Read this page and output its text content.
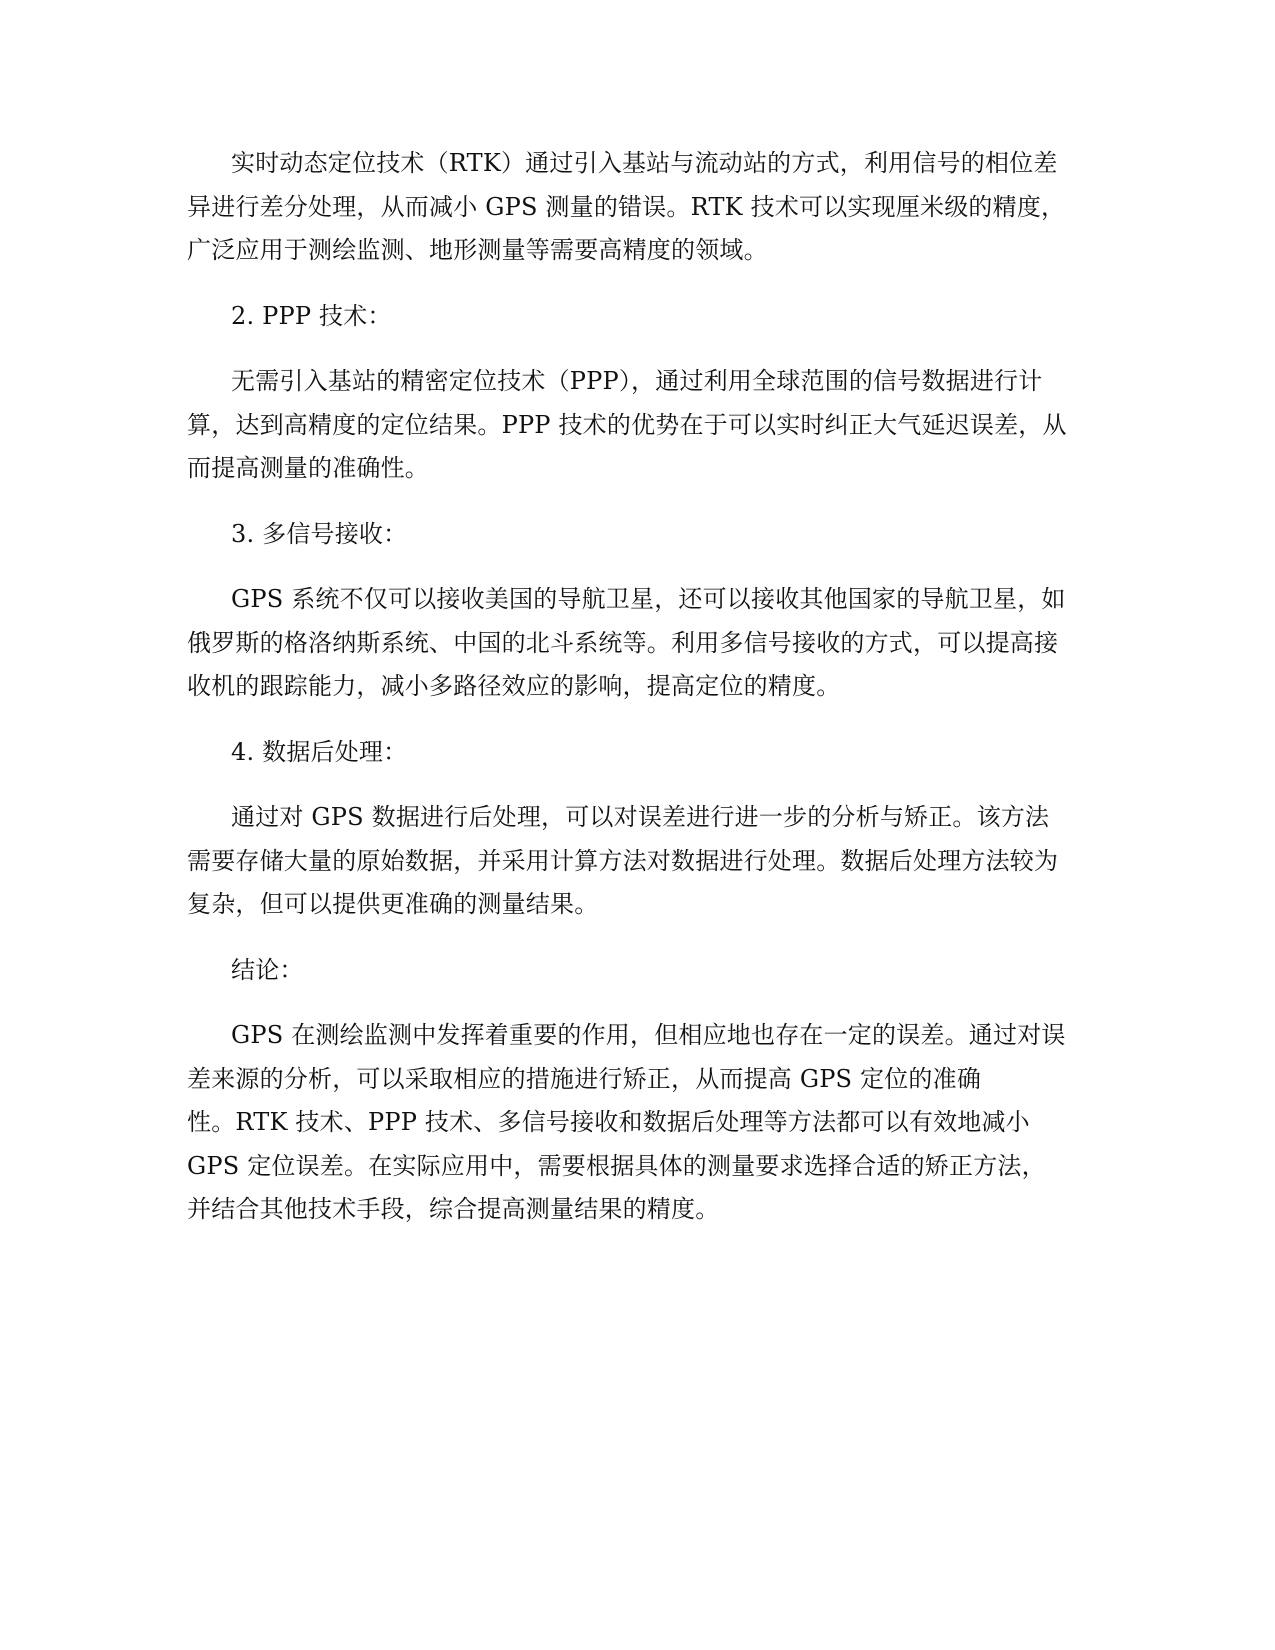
实时动态定位技术（RTK）通过引入基站与流动站的方式，利用信号的相位差
异进行差分处理，从而减小 GPS 测量的错误。RTK 技术可以实现厘米级的精度，
广泛应用于测绘监测、地形测量等需要高精度的领域。

2. PPP 技术：

无需引入基站的精密定位技术（PPP），通过利用全球范围的信号数据进行计
算，达到高精度的定位结果。PPP 技术的优势在于可以实时纠正大气延迟误差，从
而提高测量的准确性。

3. 多信号接收：

GPS 系统不仅可以接收美国的导航卫星，还可以接收其他国家的导航卫星，如
俄罗斯的格洛纳斯系统、中国的北斗系统等。利用多信号接收的方式，可以提高接
收机的跟踪能力，减小多路径效应的影响，提高定位的精度。

4. 数据后处理：

通过对 GPS 数据进行后处理，可以对误差进行进一步的分析与矫正。该方法
需要存储大量的原始数据，并采用计算方法对数据进行处理。数据后处理方法较为
复杂，但可以提供更准确的测量结果。

结论：

GPS 在测绘监测中发挥着重要的作用，但相应地也存在一定的误差。通过对误
差来源的分析，可以采取相应的措施进行矫正，从而提高 GPS 定位的准确
性。RTK 技术、PPP 技术、多信号接收和数据后处理等方法都可以有效地减小
GPS 定位误差。在实际应用中，需要根据具体的测量要求选择合适的矫正方法，
并结合其他技术手段，综合提高测量结果的精度。
